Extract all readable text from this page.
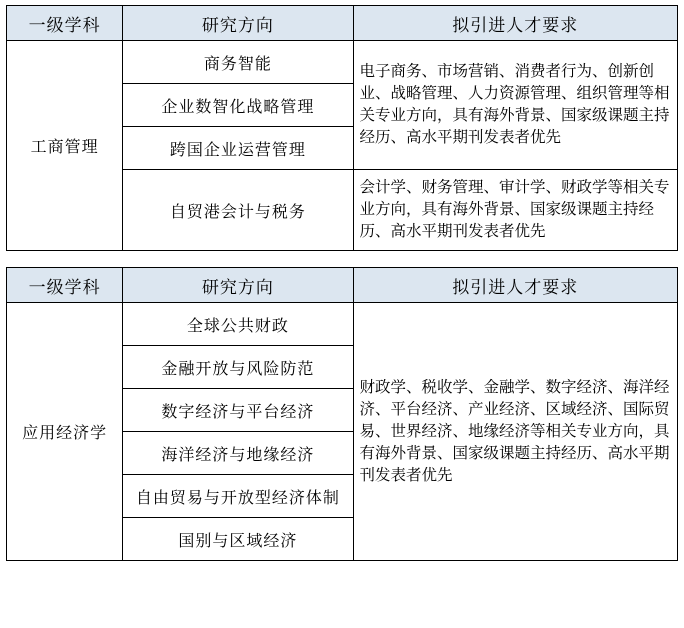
一级学科	研究方向	拟引进人才要求
工商管理	商务智能	电子商务、市场营销、消费者行为、创新创业、战略管理、人力资源管理、组织管理等相关专业方向，具有海外背景、国家级课题主持经历、高水平期刊发表者优先
	企业数智化战略管理	
	跨国企业运营管理	
	自贸港会计与税务	会计学、财务管理、审计学、财政学等相关专业方向，具有海外背景、国家级课题主持经历、高水平期刊发表者优先
一级学科	研究方向	拟引进人才要求
应用经济学	全球公共财政	财政学、税收学、金融学、数字经济、海洋经济、平台经济、产业经济、区域经济、国际贸易、世界经济、地缘经济等相关专业方向，具有海外背景、国家级课题主持经历、高水平期刊发表者优先
	金融开放与风险防范	
	数字经济与平台经济	
	海洋经济与地缘经济	
	自由贸易与开放型经济体制	
	国别与区域经济	
